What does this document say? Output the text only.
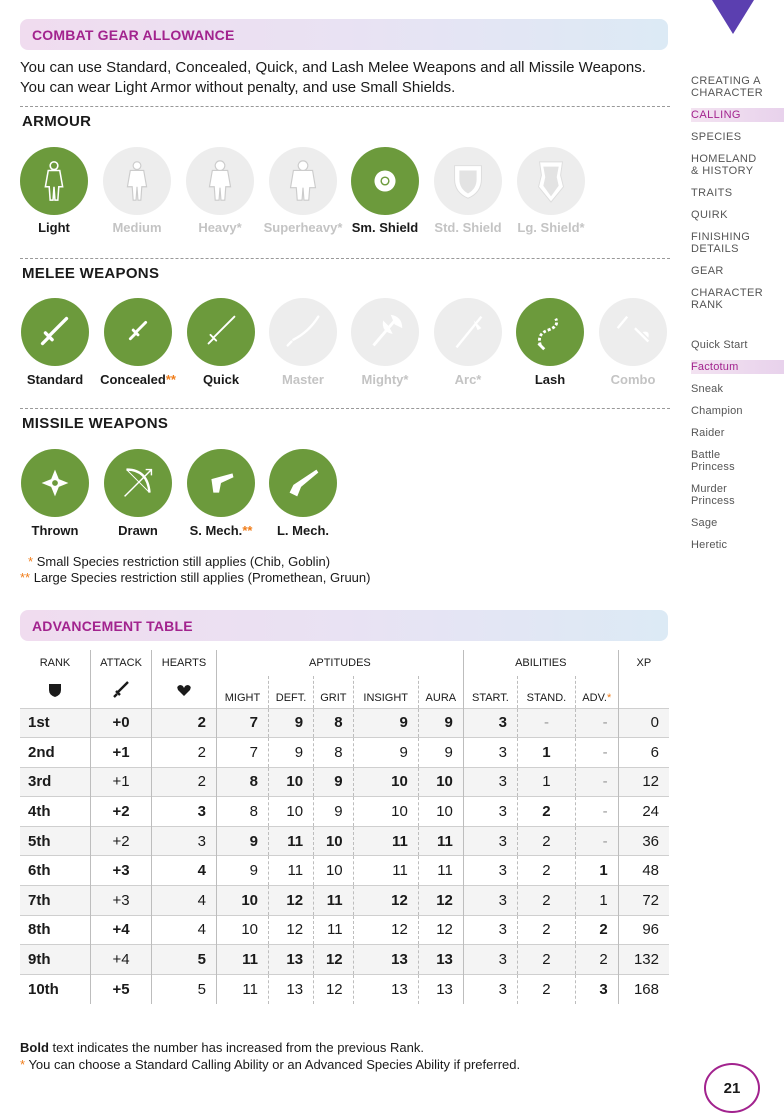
COMBAT GEAR ALLOWANCE
You can use Standard, Concealed, Quick, and Lash Melee Weapons and all Missile Weapons. You can wear Light Armor without penalty, and use Small Shields.
ARMOUR
Light	Medium	Heavy* Superheavy* Sm. Shield Std. Shield Lg. Shield*
MELEE WEAPONS
Standard Concealed** Quick	Master	Mighty*	Arc*	Lash	Combo
MISSILE WEAPONS
Thrown	Drawn S. Mech.** L. Mech.
* Small Species restriction still applies (Chib, Goblin)
** Large Species restriction still applies (Promethean, Gruun)
ADVANCEMENT TABLE
RANK	ATTACK	HEARTS	APTITUDES					ABILITIES			XP
			MIGHT	DEFT.	GRIT	INSIGHT	AURA	START.	STAND.	ADV.*	
1st	+0	2	7	9	8	9	9	3	-	-	0
2nd	+1	2	7	9	8	9	9	3	1	-	6
3rd	+1	2	8	10	9	10	10	3	1	-	12
4th	+2	3	8	10	9	10	10	3	2	-	24
5th	+2	3	9	11	10	11	11	3	2	-	36
6th	+3	4	9	11	10	11	11	3	2	1	48
7th	+3	4	10	12	11	12	12	3	2	1	72
8th	+4	4	10	12	11	12	12	3	2	2	96
9th	+4	5	11	13	12	13	13	3	2	2	132
10th	+5	5	11	13	12	13	13	3	2	3	168
Bold text indicates the number has increased from the previous Rank.
* You can choose a Standard Calling Ability or an Advanced Species Ability if preferred.
CREATING A
CHARACTER
CALLING
SPECIES
HOMELAND
& HISTORY
TRAITS
QUIRK
FINISHING
DETAILS
GEAR
CHARACTER
RANK
Quick Start
Factotum
Sneak
Champion
Raider
Battle
Princess
Murder
Princess
Sage
Heretic
21
